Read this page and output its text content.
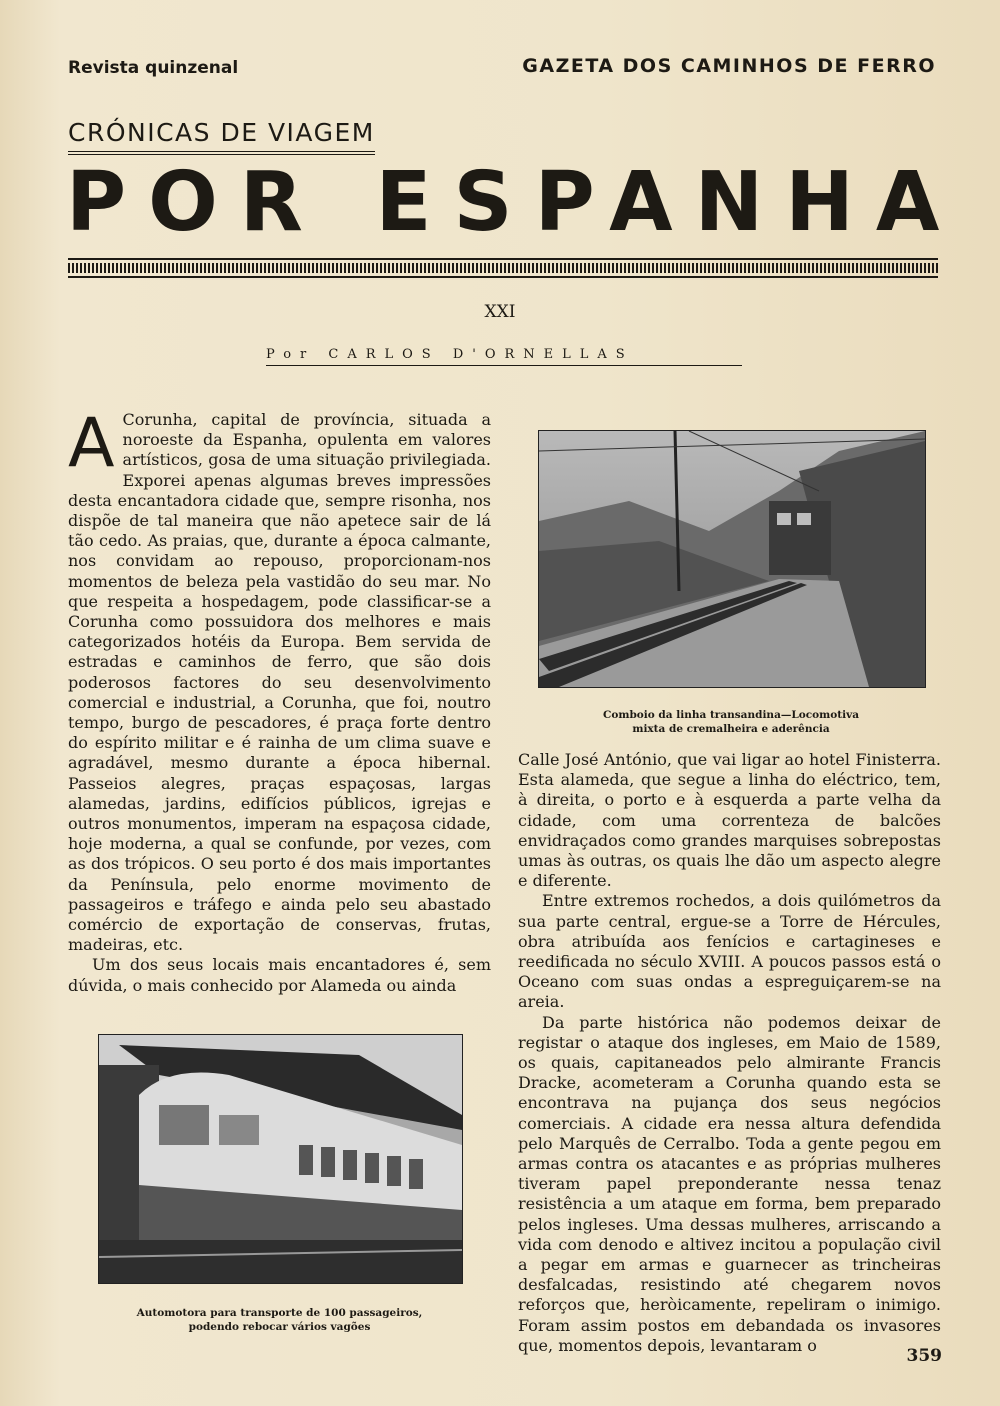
Revista quinzenal	GAZETA DOS CAMINHOS DE FERRO
CRÓNICAS DE VIAGEM
POR ESPANHA
XXI
Por CARLOS D'ORNELLAS

A Corunha, capital de província, situada a noroeste da Espanha, opulenta em valores artísticos, gosa de uma situação privilegiada. Exporei apenas algumas breves impressões desta encantadora cidade que, sempre risonha, nos dispõe de tal maneira que não apetece sair de lá tão cedo. As praias, que, durante a época calmante, nos convidam ao repouso, proporcionam-nos momentos de beleza pela vastidão do seu mar. No que respeita a hospedagem, pode classificar-se a Corunha como possuidora dos melhores e mais categorizados hotéis da Europa. Bem servida de estradas e caminhos de ferro, que são dois poderosos factores do seu desenvolvimento comercial e industrial, a Corunha, que foi, noutro tempo, burgo de pescadores, é praça forte dentro do espírito militar e é rainha de um clima suave e agradável, mesmo durante a época hibernal. Passeios alegres, praças espaçosas, largas alamedas, jardins, edifícios públicos, igrejas e outros monumentos, imperam na espaçosa cidade, hoje moderna, a qual se confunde, por vezes, com as dos trópicos. O seu porto é dos mais importantes da Península, pelo enorme movimento de passageiros e tráfego e ainda pelo seu abastado comércio de exportação de conservas, frutas, madeiras, etc.

Um dos seus locais mais encantadores é, sem dúvida, o mais conhecido por Alameda ou ainda

Comboio da linha transandina—Locomotiva
mixta de cremalheira e aderência

Calle José António, que vai ligar ao hotel Finisterra. Esta alameda, que segue a linha do eléctrico, tem, à direita, o porto e à esquerda a parte velha da cidade, com uma correnteza de balcões envidraçados como grandes marquises sobrepostas umas às outras, os quais lhe dão um aspecto alegre e diferente.

Entre extremos rochedos, a dois quilómetros da sua parte central, ergue-se a Torre de Hércules, obra atribuída aos fenícios e cartagineses e reedificada no século XVIII. A poucos passos está o Oceano com suas ondas a espreguiçarem-se na areia.

Da parte histórica não podemos deixar de registar o ataque dos ingleses, em Maio de 1589, os quais, capitaneados pelo almirante Francis Dracke, acometeram a Corunha quando esta se encontrava na pujança dos seus negócios comerciais. A cidade era nessa altura defendida pelo Marquês de Cerralbo. Toda a gente pegou em armas contra os atacantes e as próprias mulheres tiveram papel preponderante nessa tenaz resistência a um ataque em forma, bem preparado pelos ingleses. Uma dessas mulheres, arriscando a vida com denodo e altivez incitou a população civil a pegar em armas e guarnecer as trincheiras desfalcadas, resistindo até chegarem novos reforços que, heròicamente, repeliram o inimigo. Foram assim postos em debandada os invasores que, momentos depois, levantaram o

Automotora para transporte de 100 passageiros,
podendo rebocar vários vagões
359
